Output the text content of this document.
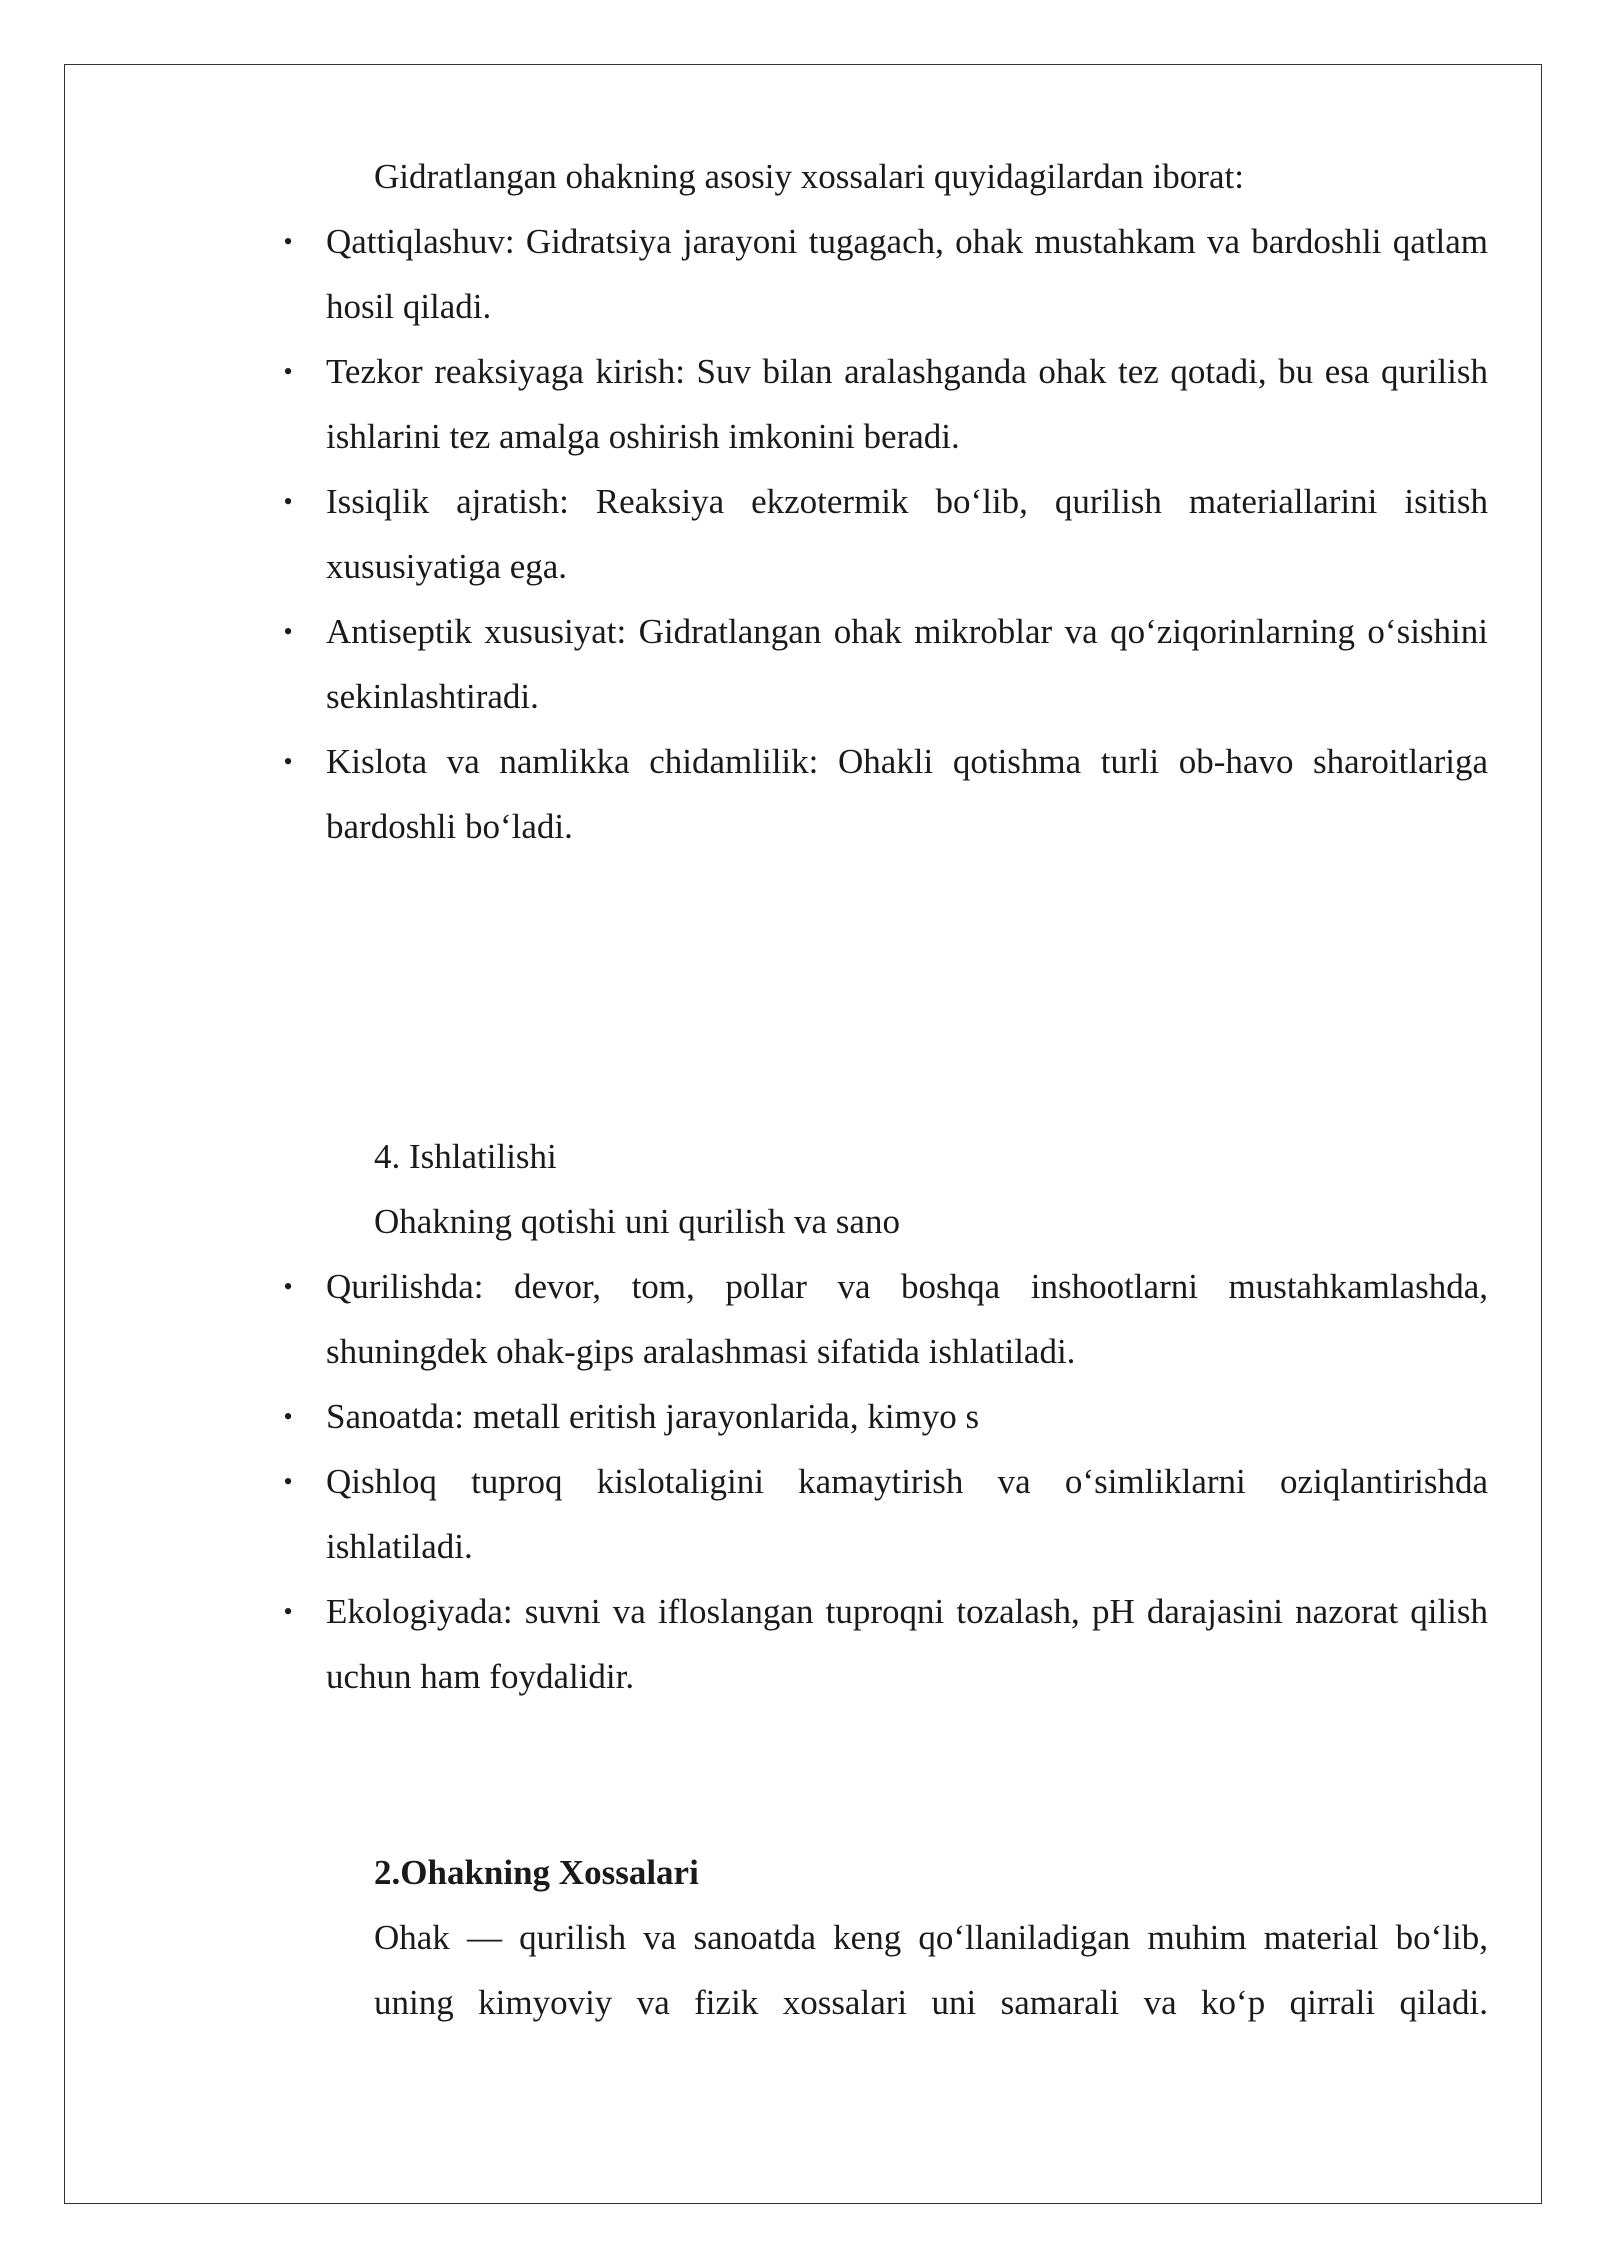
Gidratlangan ohakning asosiy xossalari quyidagilardan iborat:

• Qattiqlashuv: Gidratsiya jarayoni tugagach, ohak mustahkam va bardoshli qatlam hosil qiladi.
• Tezkor reaksiyaga kirish: Suv bilan aralashganda ohak tez qotadi, bu esa qurilish ishlarini tez amalga oshirish imkonini beradi.
• Issiqlik ajratish: Reaksiya ekzotermik bo‘lib, qurilish materiallarini isitish xususiyatiga ega.
• Antiseptik xususiyat: Gidratlangan ohak mikroblar va qo‘ziqorinlarning o‘sishini sekinlashtiradi.
• Kislota va namlikka chidamlilik: Ohakli qotishma turli ob-havo sharoitlariga bardoshli bo‘ladi.

4. Ishlatilishi

Ohakning qotishi uni qurilish va sano

• Qurilishda: devor, tom, pollar va boshqa inshootlarni mustahkamlashda, shuningdek ohak-gips aralashmasi sifatida ishlatiladi.
• Sanoatda: metall eritish jarayonlarida, kimyo s
• Qishloq tuproq kislotaligini kamaytirish va o‘simliklarni oziqlantirishda ishlatiladi.
• Ekologiyada: suvni va ifloslangan tuproqni tozalash, pH darajasini nazorat qilish uchun ham foydalidir.

2.Ohakning Xossalari

Ohak — qurilish va sanoatda keng qo‘llaniladigan muhim material bo‘lib, uning kimyoviy va fizik xossalari uni samarali va ko‘p qirrali qiladi.
